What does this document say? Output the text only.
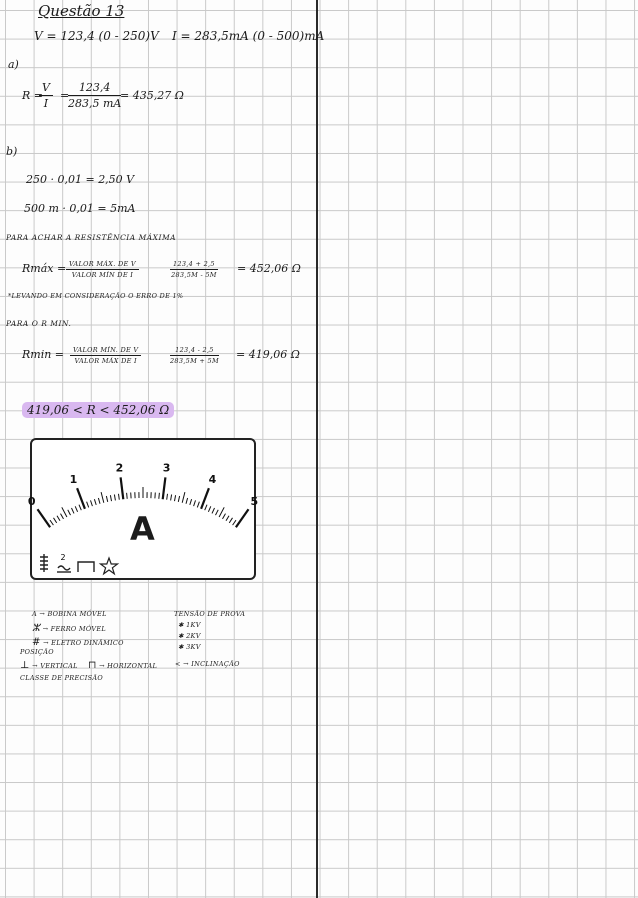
Questão 13
V = 123,4 (0 - 250)V I = 283,5mA (0 - 500)mA
a)
R =
$\frac{V}{I}$ =
$\frac{123,4}{283,5 mA}$
= 435,27 Ω
b)
250 · 0,01 = 2,50 V
500 m · 0,01 = 5mA
PARA ACHAR A RESISTÊNCIA MÁXIMA
Rmáx = VALOR MÁX. DE V
VALOR MÍN DE I	$\frac{123,4 + 2,5}{283,5M - 5M} = 452,06$ Ω
*LEVANDO EM CONSIDERAÇÃO O ERRO DE 1%
PARA O R MIN.
Rmin =	VALOR MÍN. DE V
VALOR MÁX DE I	$\frac{123,4 - 2,5}{283,5M + 5M} = 419,06$ Ω
419,06 < R < 452,06 Ω
0
1
2	3
4
5
A
2
A → BOBINA MÓVEL
ⵣ → FERRO MÓVEL
# → ELETRO DINÂMICO
POSIÇÃO
⊥ → VERTICAL ⊓ → HORIZONTAL	< → INCLINAÇÃO
CLASSE DE PRECISÃO
TENSÃO DE PROVA
✱ 1KV
✱ 2KV
✱ 3KV
